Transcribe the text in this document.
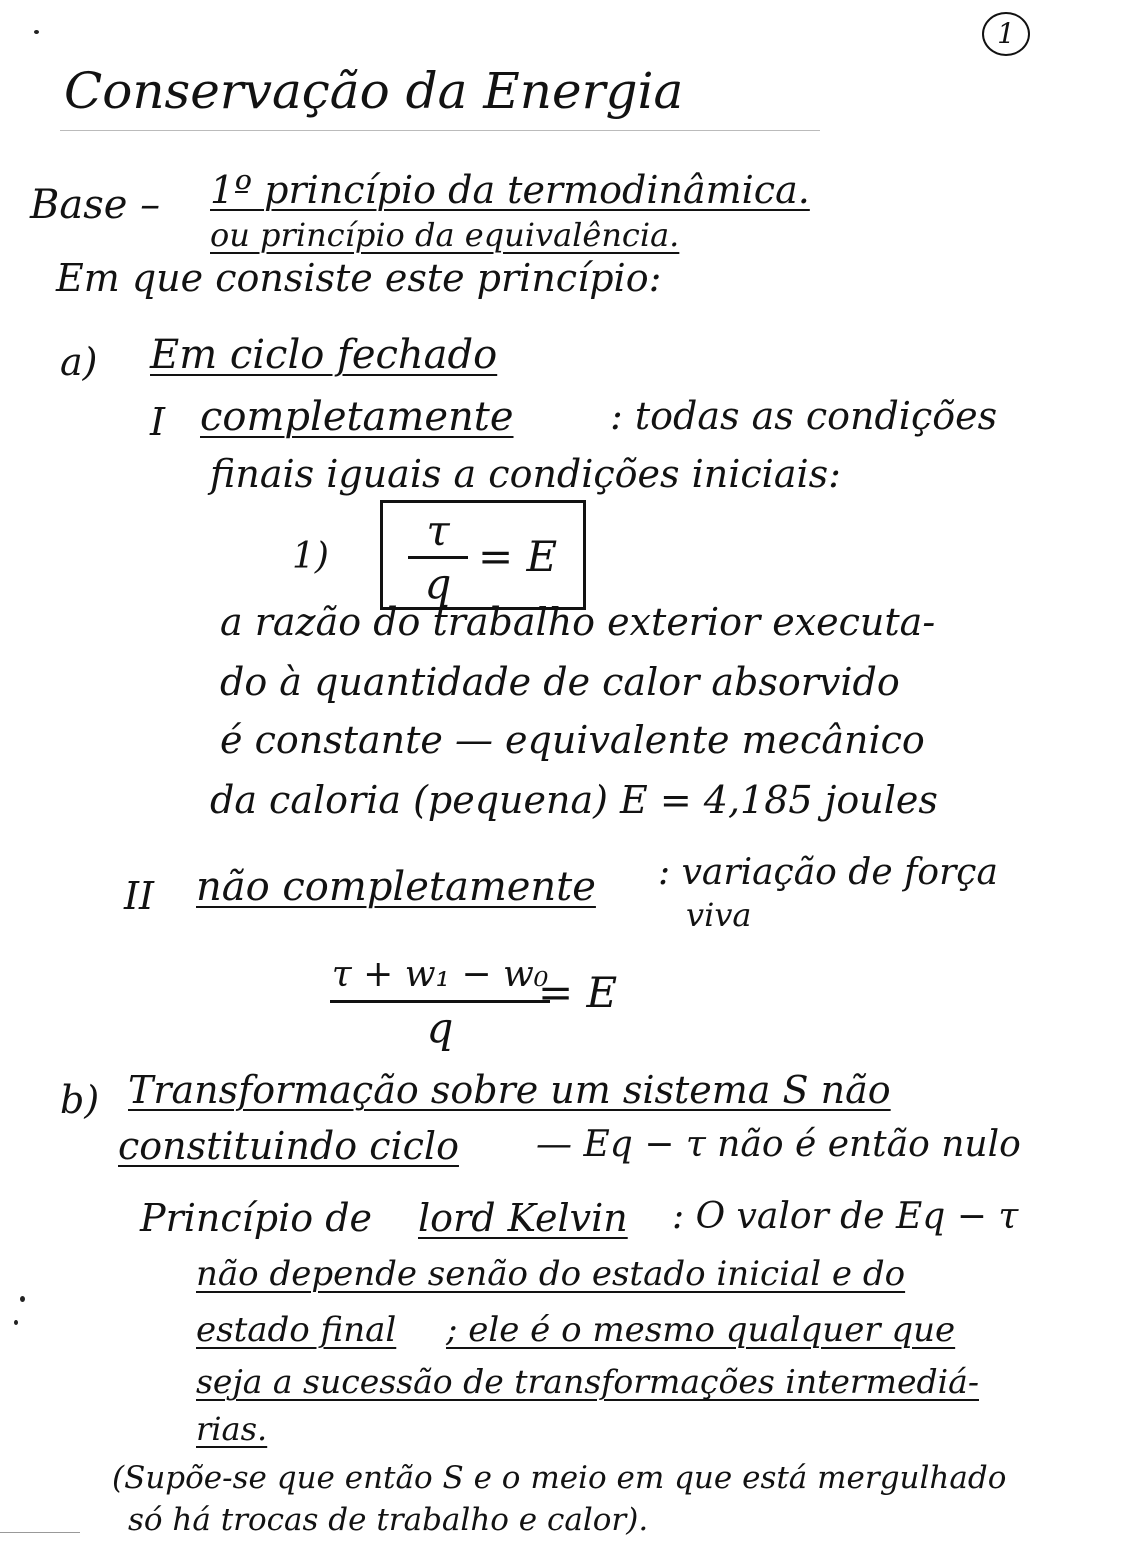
1
Conservação da Energia
Base – 1º princípio da termodinâmica.
ou princípio da equivalência.
Em que consiste este princípio:
a) Em ciclo fechado
I completamente	: todas as condições
finais iguais a condições iniciais:
1)
τ
q
= E
a razão do trabalho exterior executa-
do à quantidade de calor absorvido
é constante — equivalente mecânico
da caloria (pequena) E = 4,185 joules
II não completamente : variação de força
viva
τ + w₁ − w₀
q
= E
b) Transformação sobre um sistema S não
constituindo ciclo — Eq − τ não é então nulo
Princípio de lord Kelvin : O valor de Eq − τ
não depende senão do estado inicial e do
estado final ; ele é o mesmo qualquer que
seja a sucessão de transformações intermediá-
rias.
(Supõe-se que então S e o meio em que está mergulhado
só há trocas de trabalho e calor).
